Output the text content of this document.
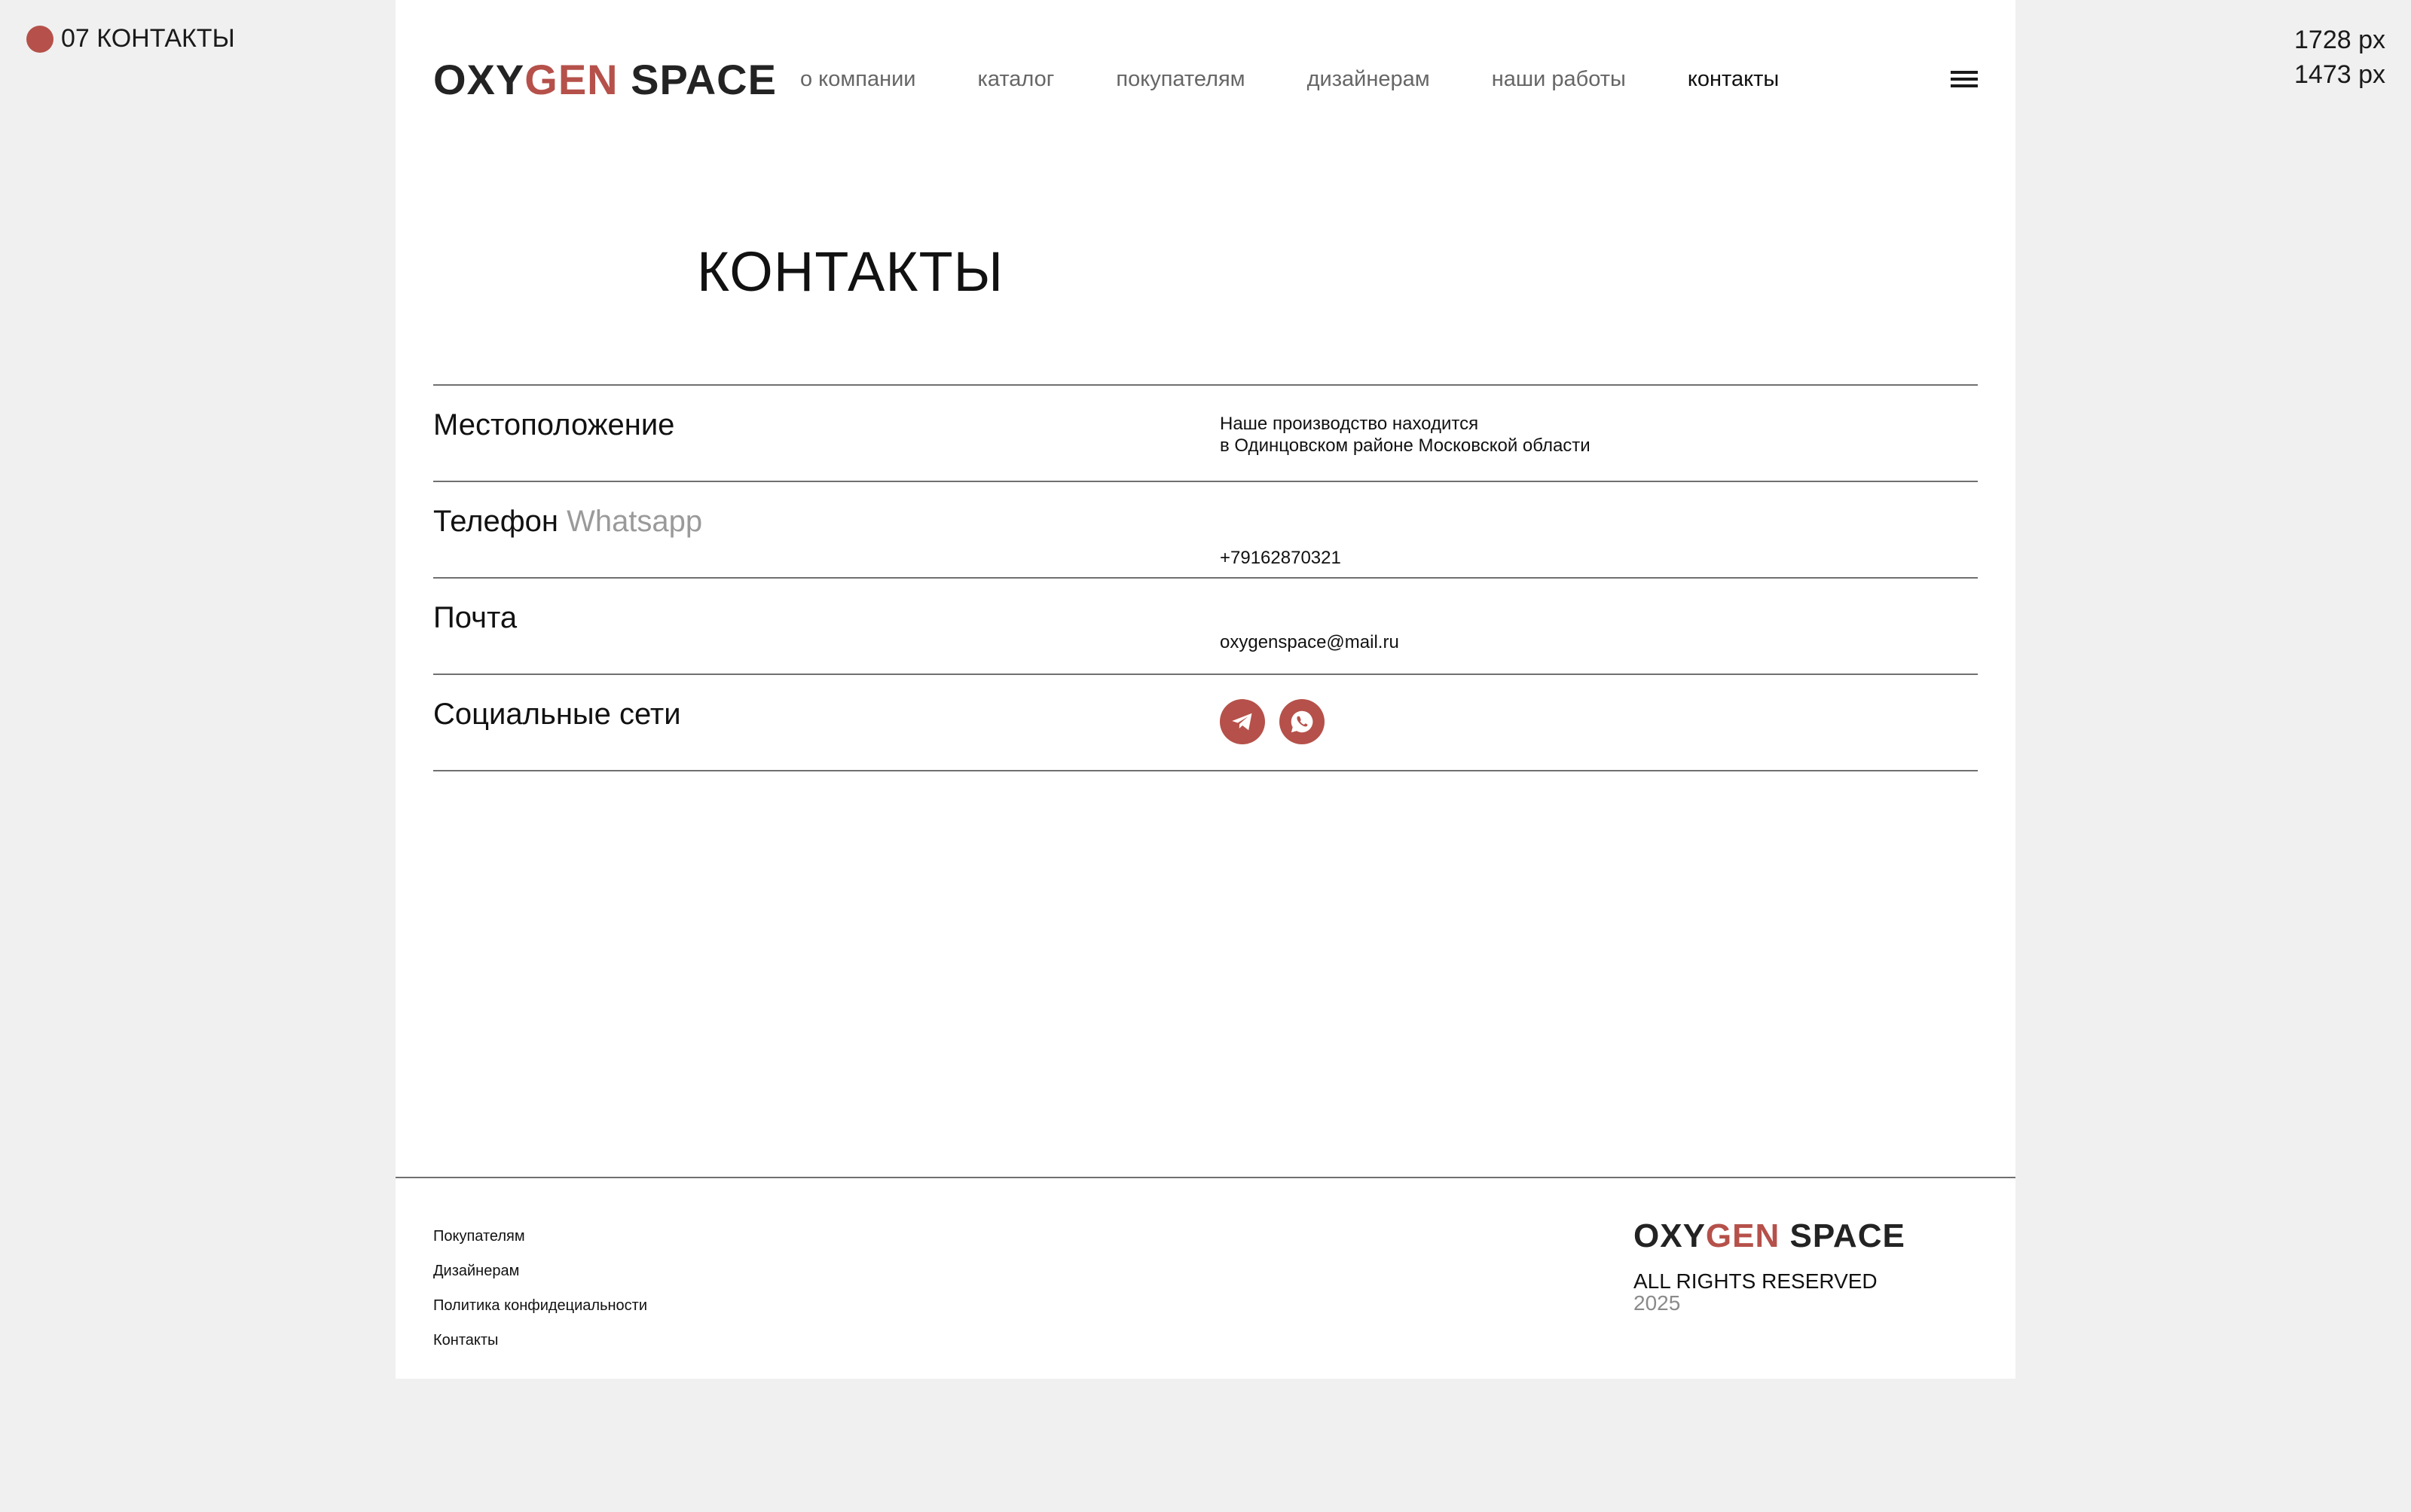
07 КОНТАКТЫ	1728 px
1473 px
OXYGEN SPACE о компании	каталог	покупателям	дизайнерам	наши работы	контакты
КОНТАКТЫ
Местоположение	Наше производство находится
в Одинцовском районе Московской области
Телефон Whatsapp
+79162870321
Почта
oxygenspace@mail.ru
Социальные сети
Покупателям
Дизайнерам
Политика конфидециальности
Контакты
OXYGEN SPACE
ALL RIGHTS RESERVED
2025
